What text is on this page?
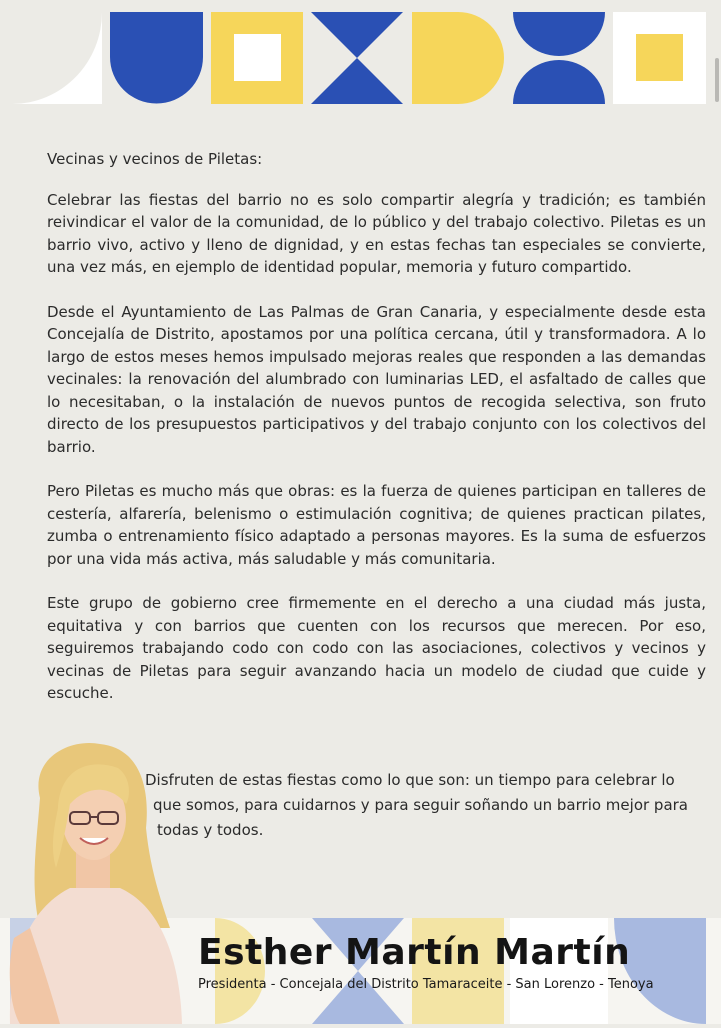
Vecinas y vecinos de Piletas:

Celebrar las fiestas del barrio no es solo compartir alegría y tradición; es también reivindicar el valor de la comunidad, de lo público y del trabajo colectivo. Piletas es un barrio vivo, activo y lleno de dignidad, y en estas fechas tan especiales se convierte, una vez más, en ejemplo de identidad popular, memoria y futuro compartido.

Desde el Ayuntamiento de Las Palmas de Gran Canaria, y especialmente desde esta Concejalía de Distrito, apostamos por una política cercana, útil y transformadora. A lo largo de estos meses hemos impulsado mejoras reales que responden a las demandas vecinales: la renovación del alumbrado con luminarias LED, el asfaltado de calles que lo necesitaban, o la instalación de nuevos puntos de recogida selectiva, son fruto directo de los presupuestos participativos y del trabajo conjunto con los colectivos del barrio.

Pero Piletas es mucho más que obras: es la fuerza de quienes participan en talleres de cestería, alfarería, belenismo o estimulación cognitiva; de quienes practican pilates, zumba o entrenamiento físico adaptado a personas mayores. Es la suma de esfuerzos por una vida más activa, más saludable y más comunitaria.

Este grupo de gobierno cree firmemente en el derecho a una ciudad más justa, equitativa y con barrios que cuenten con los recursos que merecen. Por eso, seguiremos trabajando codo con codo con las asociaciones, colectivos y vecinos y vecinas de Piletas para seguir avanzando hacia un modelo de ciudad que cuide y escuche.

Disfruten de estas fiestas como lo que son: un tiempo para celebrar lo
que somos, para cuidarnos y para seguir soñando un barrio mejor para
todas y todos.
Esther Martín Martín
Presidenta - Concejala del Distrito Tamaraceite - San Lorenzo - Tenoya
